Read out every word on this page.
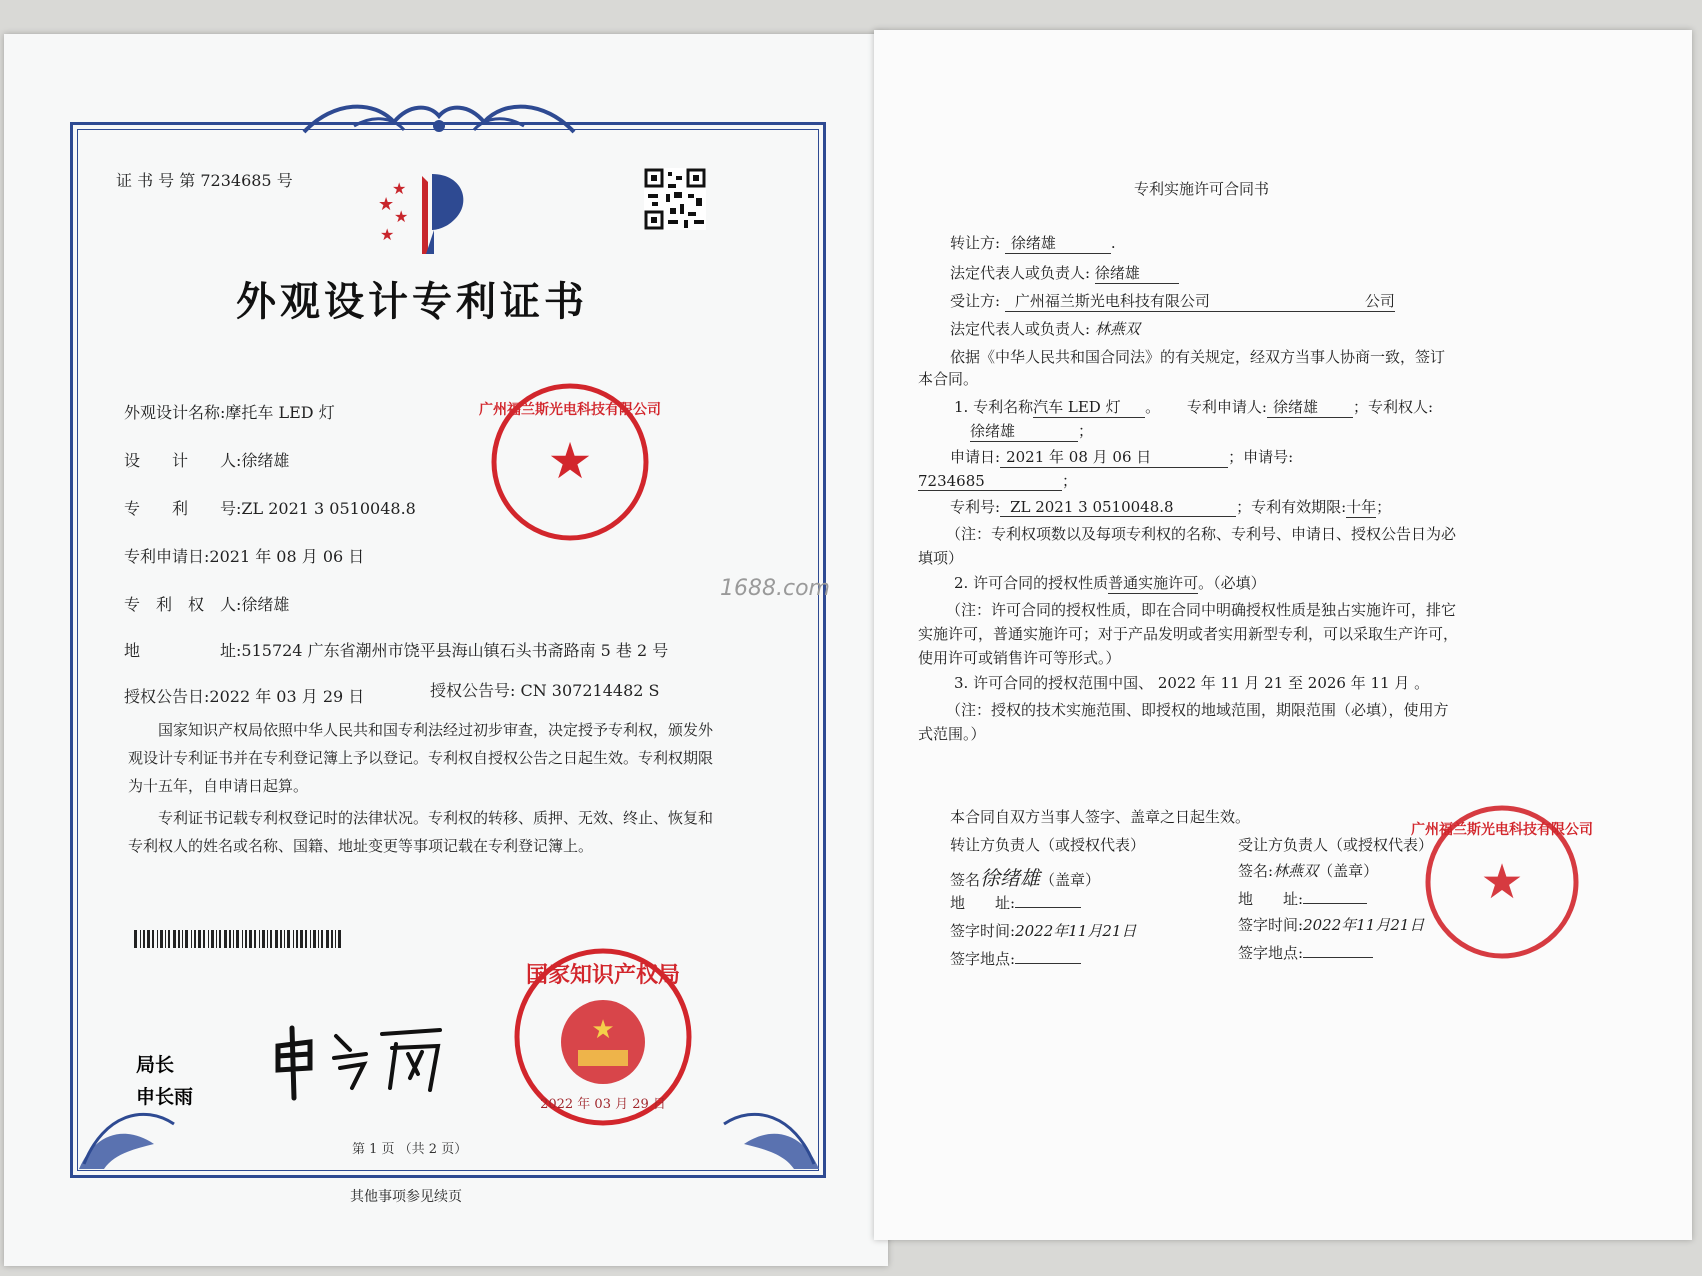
证 书 号 第 7234685 号
★
★
★
★
外观设计专利证书
外观设计名称:摩托车 LED 灯
设　　计　　人:徐绪雄
专　　利　　号:ZL 2021 3 0510048.8
专利申请日:2021 年 08 月 06 日
专　利　权　人:徐绪雄
地　　　　　址:515724 广东省潮州市饶平县海山镇石头书斋路南 5 巷 2 号
授权公告日:2022 年 03 月 29 日	授权公告号: CN 307214482 S
国家知识产权局依照中华人民共和国专利法经过初步审查，决定授予专利权，颁发外观设计专利证书并在专利登记簿上予以登记。专利权自授权公告之日起生效。专利权期限为十五年，自申请日起算。
专利证书记载专利权登记时的法律状况。专利权的转移、质押、无效、终止、恢复和专利权人的姓名或名称、国籍、地址变更等事项记载在专利登记簿上。
局长
申长雨
★
国家知识产权局
2022 年 03 月 29 日
★
广州福兰斯光电科技有限公司
第 1 页 （共 2 页）
其他事项参见续页
1688.com
专利实施许可合同书
转让方: 徐绪雄	.
法定代表人或负责人: 徐绪雄
受让方: 广州福兰斯光电科技有限公司	公司
法定代表人或负责人: 林燕双
依据《中华人民共和国合同法》的有关规定，经双方当事人协商一致，签订本合同。
1. 专利名称汽车 LED 灯 。 专利申请人: 徐绪雄 ；专利权人:
徐绪雄	；
申请日: 2021 年 08 月 06 日	；申请号:
7234685	；
专利号: ZL 2021 3 0510048.8	；专利有效期限:十年；
（注：专利权项数以及每项专利权的名称、专利号、申请日、授权公告日为必填项）
2. 许可合同的授权性质普通实施许可。（必填）
（注：许可合同的授权性质，即在合同中明确授权性质是独占实施许可，排它实施许可，普通实施许可；对于产品发明或者实用新型专利，可以采取生产许可，使用许可或销售许可等形式。）
3. 许可合同的授权范围中国、 2022 年 11 月 21 至 2026 年 11 月 。
（注：授权的技术实施范围、即授权的地域范围，期限范围（必填），使用方式范围。）
本合同自双方当事人签字、盖章之日起生效。
转让方负责人（或授权代表）
签名徐绪雄（盖章）
地　　址:
签字时间:2022年11月21日
签字地点:
受让方负责人（或授权代表）
签名:林燕双（盖章）
地　　址:
签字时间:2022年11月21日
签字地点:
★
广州福兰斯光电科技有限公司
